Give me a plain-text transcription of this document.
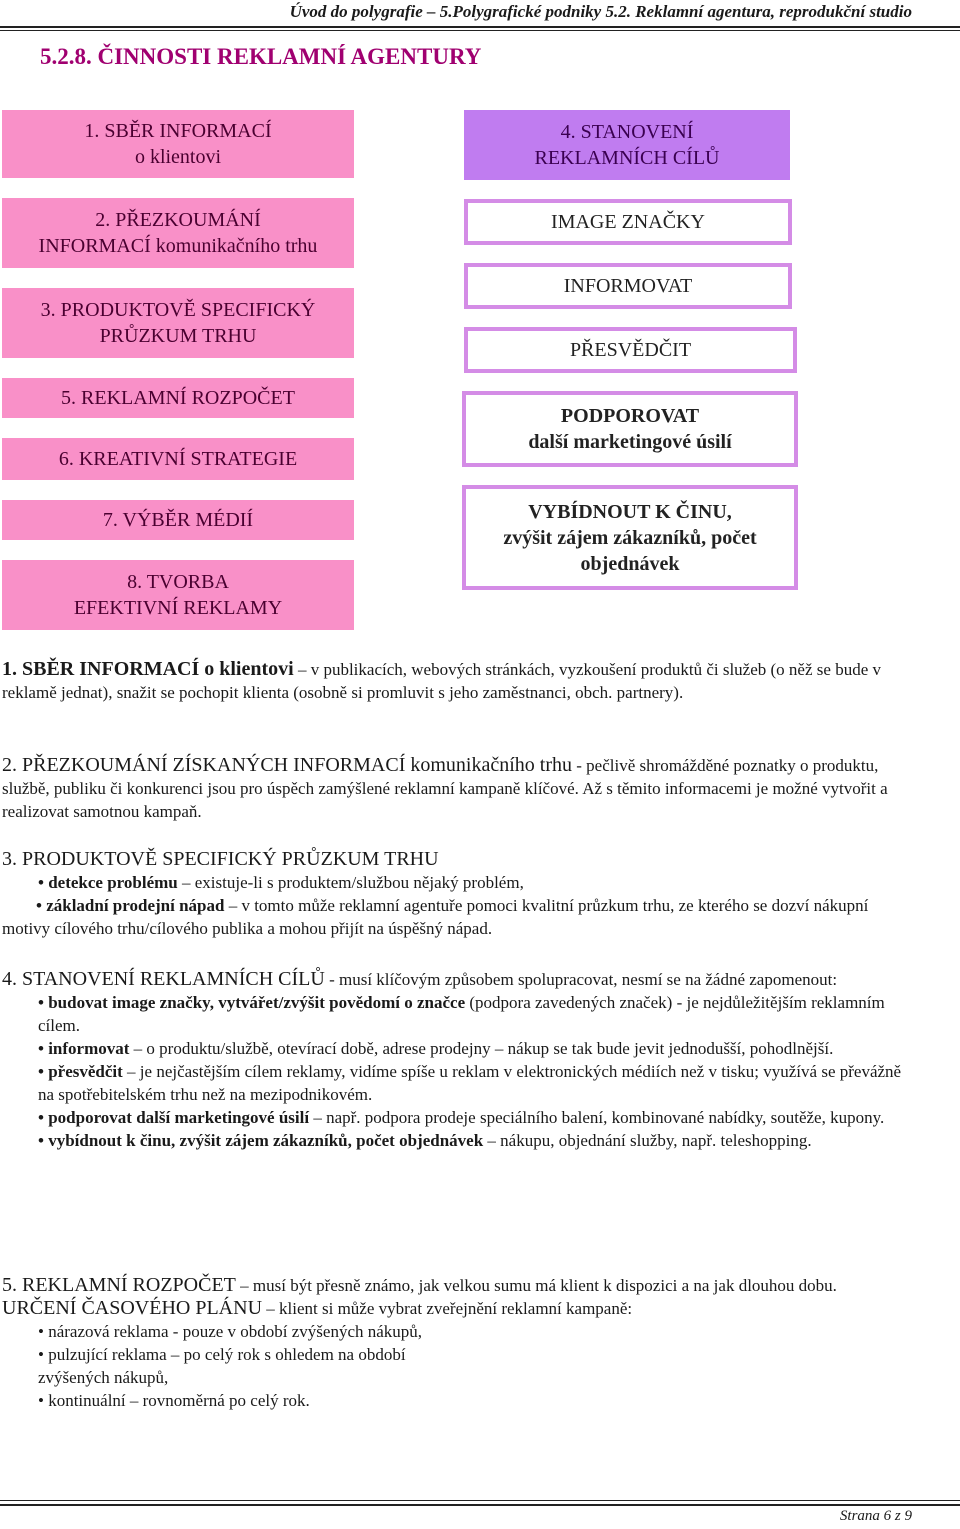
Úvod do polygrafie – 5.Polygrafické podniky 5.2. Reklamní agentura, reprodukční studio
5.2.8. ČINNOSTI REKLAMNÍ AGENTURY
1. SBĚR INFORMACÍ
o klientovi
2. PŘEZKOUMÁNÍ
INFORMACÍ komunikačního trhu
3. PRODUKTOVĚ SPECIFICKÝ
PRŮZKUM TRHU
5. REKLAMNÍ ROZPOČET
6. KREATIVNÍ STRATEGIE
7. VÝBĚR MÉDIÍ
8. TVORBA
EFEKTIVNÍ REKLAMY
4. STANOVENÍ
REKLAMNÍCH CÍLŮ
IMAGE ZNAČKY
INFORMOVAT
PŘESVĚDČIT
PODPOROVAT
další marketingové úsilí
VYBÍDNOUT K ČINU,
zvýšit zájem zákazníků, počet
objednávek
1. SBĚR INFORMACÍ o klientovi – v publikacích, webových stránkách, vyzkoušení produktů či služeb (o něž se bude v reklamě jednat), snažit se pochopit klienta (osobně si promluvit s jeho zaměstnanci, obch. partnery).
2. PŘEZKOUMÁNÍ ZÍSKANÝCH INFORMACÍ komunikačního trhu - pečlivě shromážděné poznatky o produktu, službě, publiku či konkurenci jsou pro úspěch zamýšlené reklamní kampaně klíčové. Až s těmito informacemi je možné vytvořit a realizovat samotnou kampaň.
3. PRODUKTOVĚ SPECIFICKÝ PRŮZKUM TRHU
• detekce problému – existuje-li s produktem/službou nějaký problém,
• základní prodejní nápad – v tomto může reklamní agentuře pomoci kvalitní průzkum trhu, ze kterého se dozví nákupní motivy cílového trhu/cílového publika a mohou přijít na úspěšný nápad.
4. STANOVENÍ REKLAMNÍCH CÍLŮ - musí klíčovým způsobem spolupracovat, nesmí se na žádné zapomenout:
• budovat image značky, vytvářet/zvýšit povědomí o značce (podpora zavedených značek) - je nejdůležitějším reklamním cílem.
• informovat – o produktu/službě, otevírací době, adrese prodejny – nákup se tak bude jevit jednodušší, pohodlnější.
• přesvědčit – je nejčastějším cílem reklamy, vidíme spíše u reklam v elektronických médiích než v tisku; využívá se převážně na spotřebitelském trhu než na mezipodnikovém.
• podporovat další marketingové úsilí – např. podpora prodeje speciálního balení, kombinované nabídky, soutěže, kupony.
• vybídnout k činu, zvýšit zájem zákazníků, počet objednávek – nákupu, objednání služby, např. teleshopping.
5. REKLAMNÍ ROZPOČET – musí být přesně známo, jak velkou sumu má klient k dispozici a na jak dlouhou dobu.
URČENÍ ČASOVÉHO PLÁNU – klient si může vybrat zveřejnění reklamní kampaně:
• nárazová reklama - pouze v období zvýšených nákupů,
• pulzující reklama – po celý rok s ohledem na období
zvýšených nákupů,
• kontinuální – rovnoměrná po celý rok.
Strana 6 z 9
